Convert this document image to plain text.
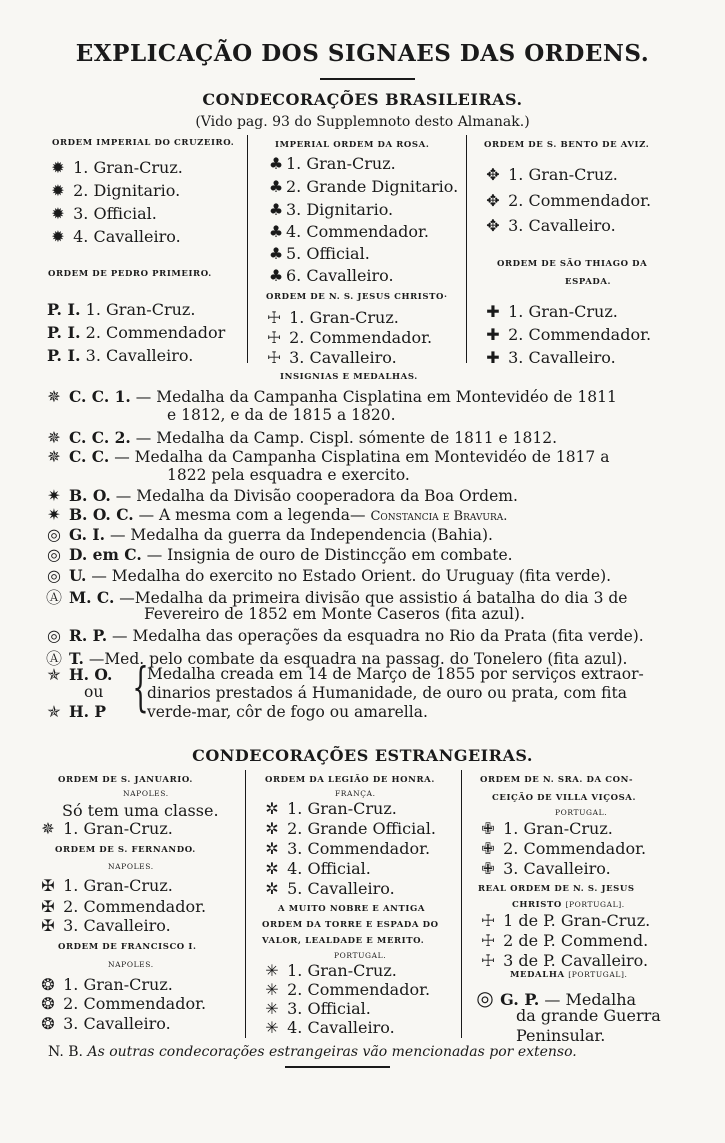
EXPLICAÇÃO DOS SIGNAES DAS ORDENS.
CONDECORAÇÕES BRASILEIRAS.
(Vido pag. 93 do Supplemnoto desto Almanak.)
ORDEM IMPERIAL DO CRUZEIRO.
✹ 1. Gran-Cruz.
✹ 2. Dignitario.
✹ 3. Official.
✹ 4. Cavalleiro.
ORDEM DE PEDRO PRIMEIRO.
P. I. 1. Gran-Cruz.
P. I. 2. Commendador
P. I. 3. Cavalleiro.
IMPERIAL ORDEM DA ROSA.
♣ 1. Gran-Cruz.
♣ 2. Grande Dignitario.
♣ 3. Dignitario.
♣ 4. Commendador.
♣ 5. Official.
♣ 6. Cavalleiro.
ORDEM DE N. S. JESUS CHRISTO·
☩ 1. Gran-Cruz.
☩ 2. Commendador.
☩ 3. Cavalleiro.
INSIGNIAS E MEDALHAS.
ORDEM DE S. BENTO DE AVIZ.
✥ 1. Gran-Cruz.
✥ 2. Commendador.
✥ 3. Cavalleiro.
ORDEM DE SÃO THIAGO DA
ESPADA.
✚ 1. Gran-Cruz.
✚ 2. Commendador.
✚ 3. Cavalleiro.
✵ C. C. 1. — Medalha da Campanha Cisplatina em Montevidéo de 1811
e 1812, e da de 1815 a 1820.
✵ C. C. 2. — Medalha da Camp. Cispl. sómente de 1811 e 1812.
✵ C. C. — Medalha da Campanha Cisplatina em Montevidéo de 1817 a
1822 pela esquadra e exercito.
✷ B. O. — Medalha da Divisão cooperadora da Boa Ordem.
✷ B. O. C. — A mesma com a legenda— Constancia e Bravura.
◎ G. I. — Medalha da guerra da Independencia (Bahia).
◎ D. em C. — Insignia de ouro de Distincção em combate.
◎ U. — Medalha do exercito no Estado Orient. do Uruguay (fita verde).
Ⓐ M. C. —Medalha da primeira divisão que assistio á batalha do dia 3 de
Fevereiro de 1852 em Monte Caseros (fita azul).
◎ R. P. — Medalha das operações da esquadra no Rio da Prata (fita verde).
Ⓐ T. —Med. pelo combate da esquadra na passag. do Tonelero (fita azul).
✯ H. O.
ou
✯ H. P {
Medalha creada em 14 de Março de 1855 por serviços extraor-
dinarios prestados á Humanidade, de ouro ou prata, com fita
verde-mar, côr de fogo ou amarella.
CONDECORAÇÕES ESTRANGEIRAS.
ORDEM DE S. JANUARIO.
NAPOLES.
Só tem uma classe.
✵ 1. Gran-Cruz.
ORDEM DE S. FERNANDO.
NAPOLES.
✠ 1. Gran-Cruz.
✠ 2. Commendador.
✠ 3. Cavalleiro.
ORDEM DE FRANCISCO I.
NAPOLES.
❂ 1. Gran-Cruz.
❂ 2. Commendador.
❂ 3. Cavalleiro.
ORDEM DA LEGIÃO DE HONRA.
FRANÇA.
✲ 1. Gran-Cruz.
✲ 2. Grande Official.
✲ 3. Commendador.
✲ 4. Official.
✲ 5. Cavalleiro.
A MUITO NOBRE E ANTIGA
ORDEM DA TORRE E ESPADA DO
VALOR, LEALDADE E MERITO.
PORTUGAL.
✳ 1. Gran-Cruz.
✳ 2. Commendador.
✳ 3. Official.
✳ 4. Cavalleiro.
ORDEM DE N. SRA. DA CON-
CEIÇÃO DE VILLA VIÇOSA.
PORTUGAL.
✙ 1. Gran-Cruz.
✙ 2. Commendador.
✙ 3. Cavalleiro.
REAL ORDEM DE N. S. JESUS
CHRISTO [PORTUGAL].
☩ 1 de P. Gran-Cruz.
☩ 2 de P. Commend.
☩ 3 de P. Cavalleiro.
MEDALHA [PORTUGAL].
◎ G. P. — Medalha
da grande Guerra
Peninsular.
N. B. As outras condecorações estrangeiras vão mencionadas por extenso.
